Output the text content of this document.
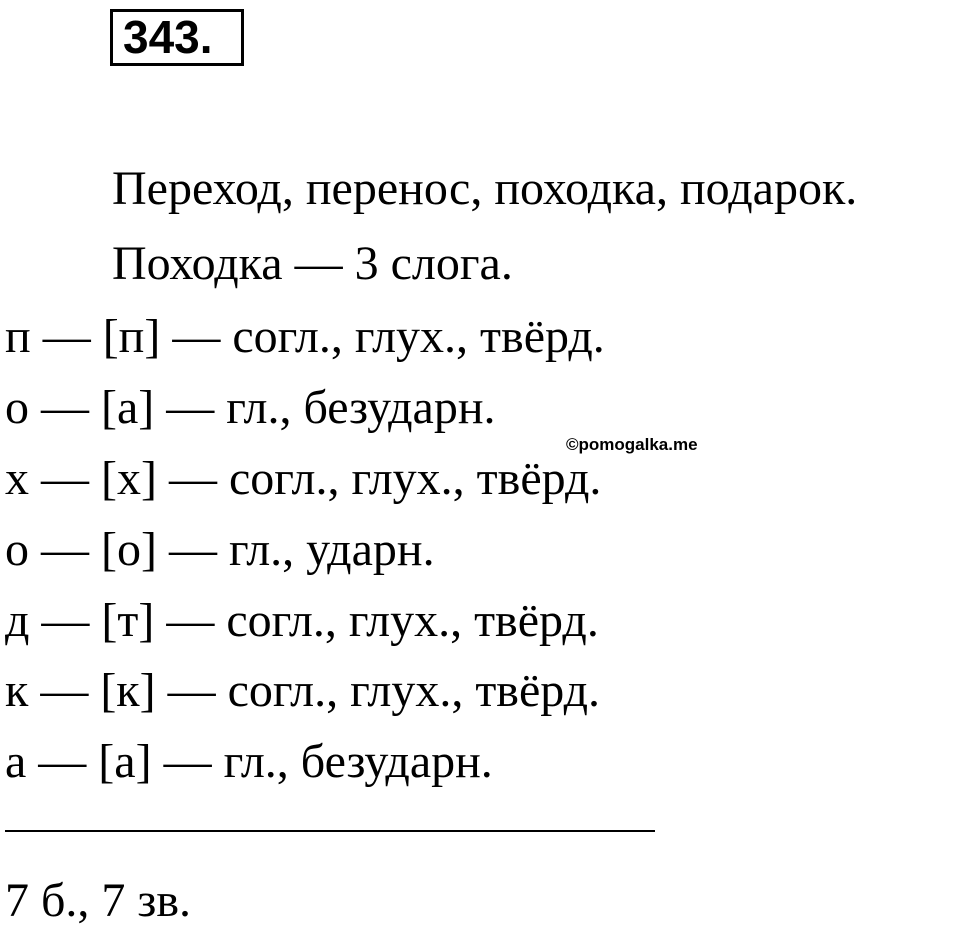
343.
Переход, перенос, походка, подарок.
Походка — 3 слога.
п — [п] — согл., глух., твёрд.
о — [а] — гл., безударн.
©pomogalka.me
х — [х] — согл., глух., твёрд.
о — [о] — гл., ударн.
д — [т] — согл., глух., твёрд.
к — [к] — согл., глух., твёрд.
а — [а] — гл., безударн.
7 б., 7 зв.
